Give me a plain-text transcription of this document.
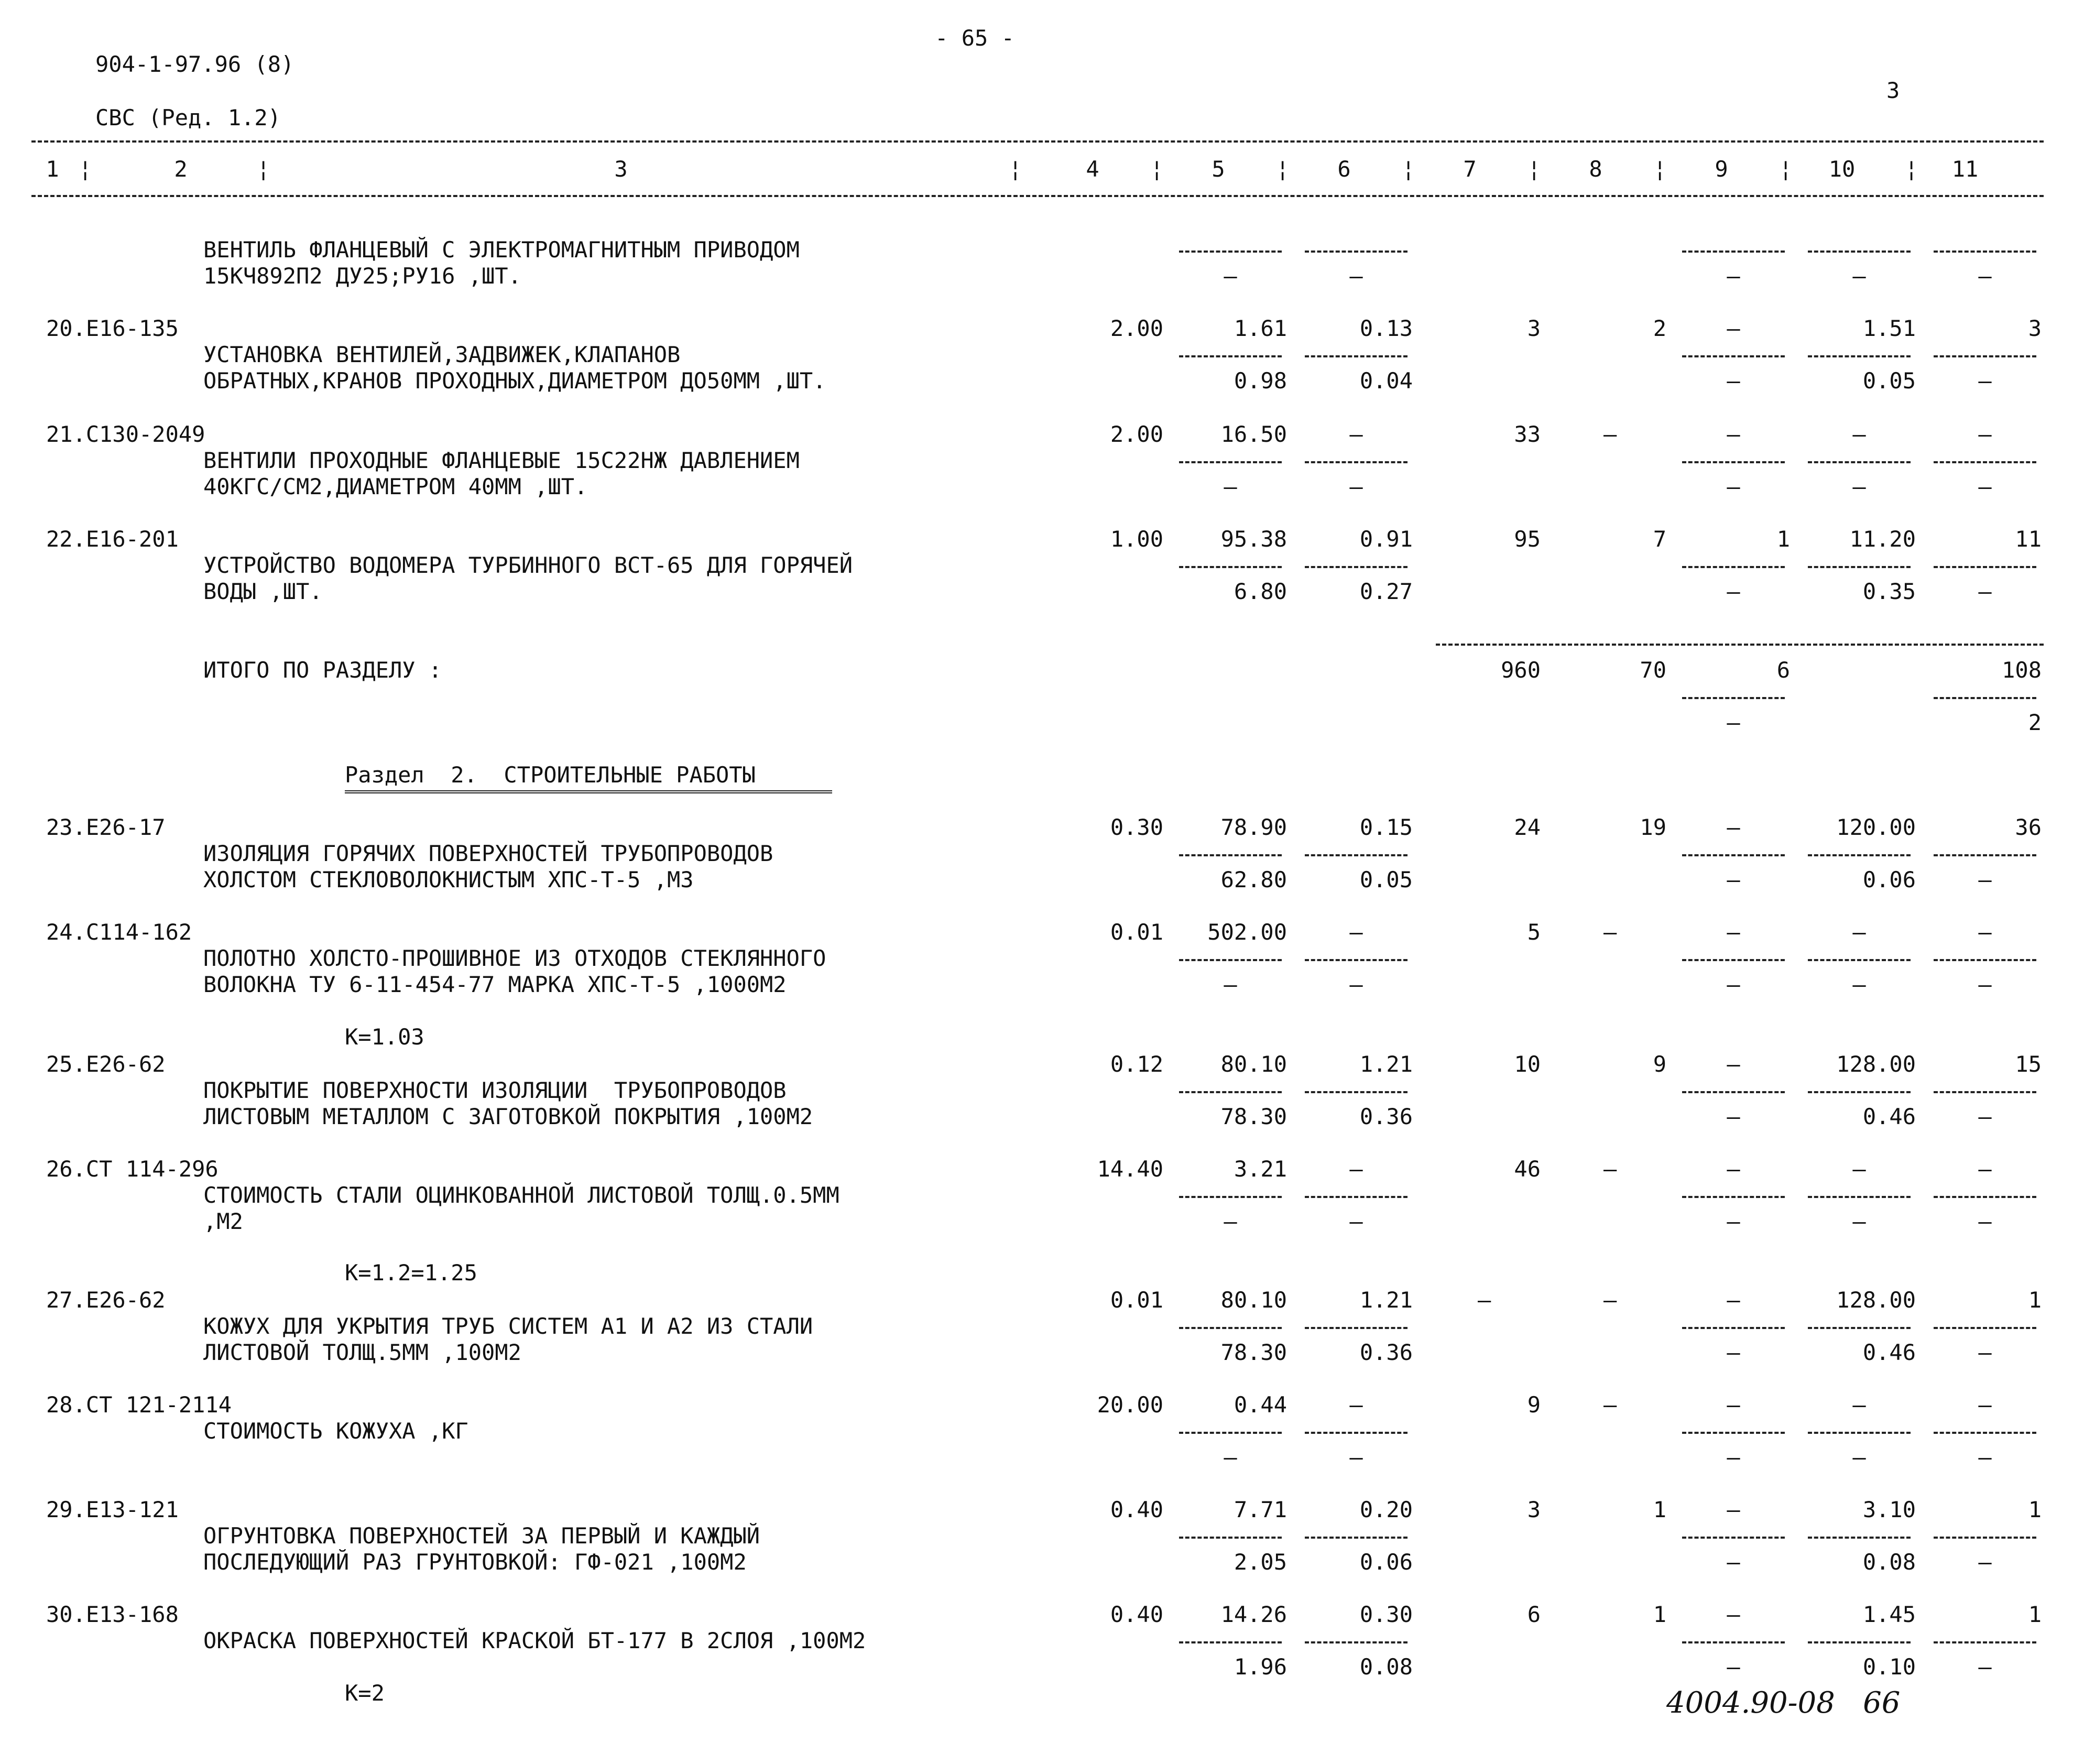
- 65 -
904-1-97.96 (8)
3
СВС (Ред. 1.2)
1 ¦	2	¦	3	¦	4 ¦ 5 ¦ 6 ¦ 7 ¦ 8 ¦ 9 ¦	10	¦	11
ВЕНТИЛЬ ФЛАНЦЕВЫЙ С ЭЛЕКТРОМАГНИТНЫМ ПРИВОДОМ
15КЧ892П2 ДУ25;РУ16 ,ШТ.	–	–	–	–	–
20.Е16-135
УСТАНОВКА ВЕНТИЛЕЙ,ЗАДВИЖЕК,КЛАПАНОВ
ОБРАТНЫХ,КРАНОВ ПРОХОДНЫХ,ДИАМЕТРОМ ДО50ММ ,ШТ.
2.00	1.61	0.13	3	2	–	1.51	3
0.98	0.04	–	0.05	–
21.С130-2049
ВЕНТИЛИ ПРОХОДНЫЕ ФЛАНЦЕВЫЕ 15С22НЖ ДАВЛЕНИЕМ
40КГС/СМ2,ДИАМЕТРОМ 40ММ ,ШТ.
2.00	16.50	–	33	–	–	–	–
–	–	–	–	–
22.Е16-201
УСТРОЙСТВО ВОДОМЕРА ТУРБИННОГО ВСТ-65 ДЛЯ ГОРЯЧЕЙ
ВОДЫ ,ШТ.
1.00	95.38	0.91	95	7	1	11.20	11
6.80	0.27	–	0.35	–
ИТОГО ПО РАЗДЕЛУ :	960	70	6	108
–	2
Раздел  2.  СТРОИТЕЛЬНЫЕ РАБОТЫ
23.Е26-17
ИЗОЛЯЦИЯ ГОРЯЧИХ ПОВЕРХНОСТЕЙ ТРУБОПРОВОДОВ
ХОЛСТОМ СТЕКЛОВОЛОКНИСТЫМ ХПС-Т-5 ,М3
0.30	78.90	0.15	24	19	–	120.00	36
62.80	0.05	–	0.06	–
24.С114-162
ПОЛОТНО ХОЛСТО-ПРОШИВНОЕ ИЗ ОТХОДОВ СТЕКЛЯННОГО
ВОЛОКНА ТУ 6-11-454-77 МАРКА ХПС-Т-5 ,1000М2
0.01	502.00	–	5	–	–	–	–
–	–	–	–	–
К=1.03
25.Е26-62
ПОКРЫТИЕ ПОВЕРХНОСТИ ИЗОЛЯЦИИ  ТРУБОПРОВОДОВ
ЛИСТОВЫМ МЕТАЛЛОМ С ЗАГОТОВКОЙ ПОКРЫТИЯ ,100М2
0.12	80.10	1.21	10	9	–	128.00	15
78.30	0.36	–	0.46	–
26.СТ 114-296
СТОИМОСТЬ СТАЛИ ОЦИНКОВАННОЙ ЛИСТОВОЙ ТОЛЩ.0.5ММ
,М2
14.40	3.21	–	46	–	–	–	–
–	–	–	–	–
К=1.2=1.25
27.Е26-62
КОЖУХ ДЛЯ УКРЫТИЯ ТРУБ СИСТЕМ А1 И А2 ИЗ СТАЛИ
ЛИСТОВОЙ ТОЛЩ.5ММ ,100М2
0.01	80.10	1.21	–	–	–	128.00	1
78.30	0.36	–	0.46	–
28.СТ 121-2114
СТОИМОСТЬ КОЖУХА ,КГ
20.00	0.44	–	9	–	–	–	–
–	–	–	–	–
29.Е13-121
ОГРУНТОВКА ПОВЕРХНОСТЕЙ ЗА ПЕРВЫЙ И КАЖДЫЙ
ПОСЛЕДУЮЩИЙ РАЗ ГРУНТОВКОЙ: ГФ-021 ,100М2
0.40	7.71	0.20	3	1	–	3.10	1
2.05	0.06	–	0.08	–
30.Е13-168
ОКРАСКА ПОВЕРХНОСТЕЙ КРАСКОЙ БТ-177 В 2СЛОЯ ,100М2
0.40	14.26	0.30	6	1	–	1.45	1
1.96	0.08	–	0.10	–
К=2	4004.90-08   66
